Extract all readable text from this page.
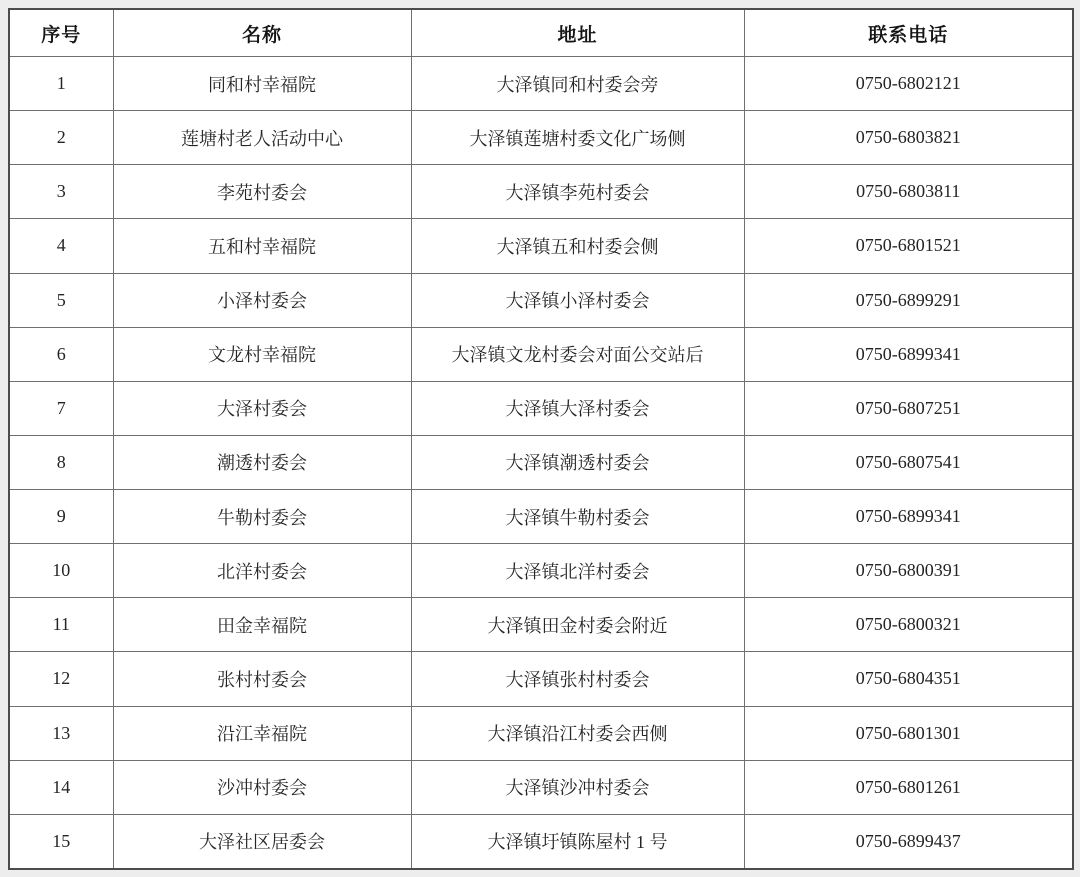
序号	名称	地址	联系电话
1	同和村幸福院	大泽镇同和村委会旁	0750-6802121
2	莲塘村老人活动中心	大泽镇莲塘村委文化广场侧	0750-6803821
3	李苑村委会	大泽镇李苑村委会	0750-6803811
4	五和村幸福院	大泽镇五和村委会侧	0750-6801521
5	小泽村委会	大泽镇小泽村委会	0750-6899291
6	文龙村幸福院	大泽镇文龙村委会对面公交站后	0750-6899341
7	大泽村委会	大泽镇大泽村委会	0750-6807251
8	潮透村委会	大泽镇潮透村委会	0750-6807541
9	牛勒村委会	大泽镇牛勒村委会	0750-6899341
10	北洋村委会	大泽镇北洋村委会	0750-6800391
11	田金幸福院	大泽镇田金村委会附近	0750-6800321
12	张村村委会	大泽镇张村村委会	0750-6804351
13	沿江幸福院	大泽镇沿江村委会西侧	0750-6801301
14	沙冲村委会	大泽镇沙冲村委会	0750-6801261
15	大泽社区居委会	大泽镇圩镇陈屋村 1 号	0750-6899437
